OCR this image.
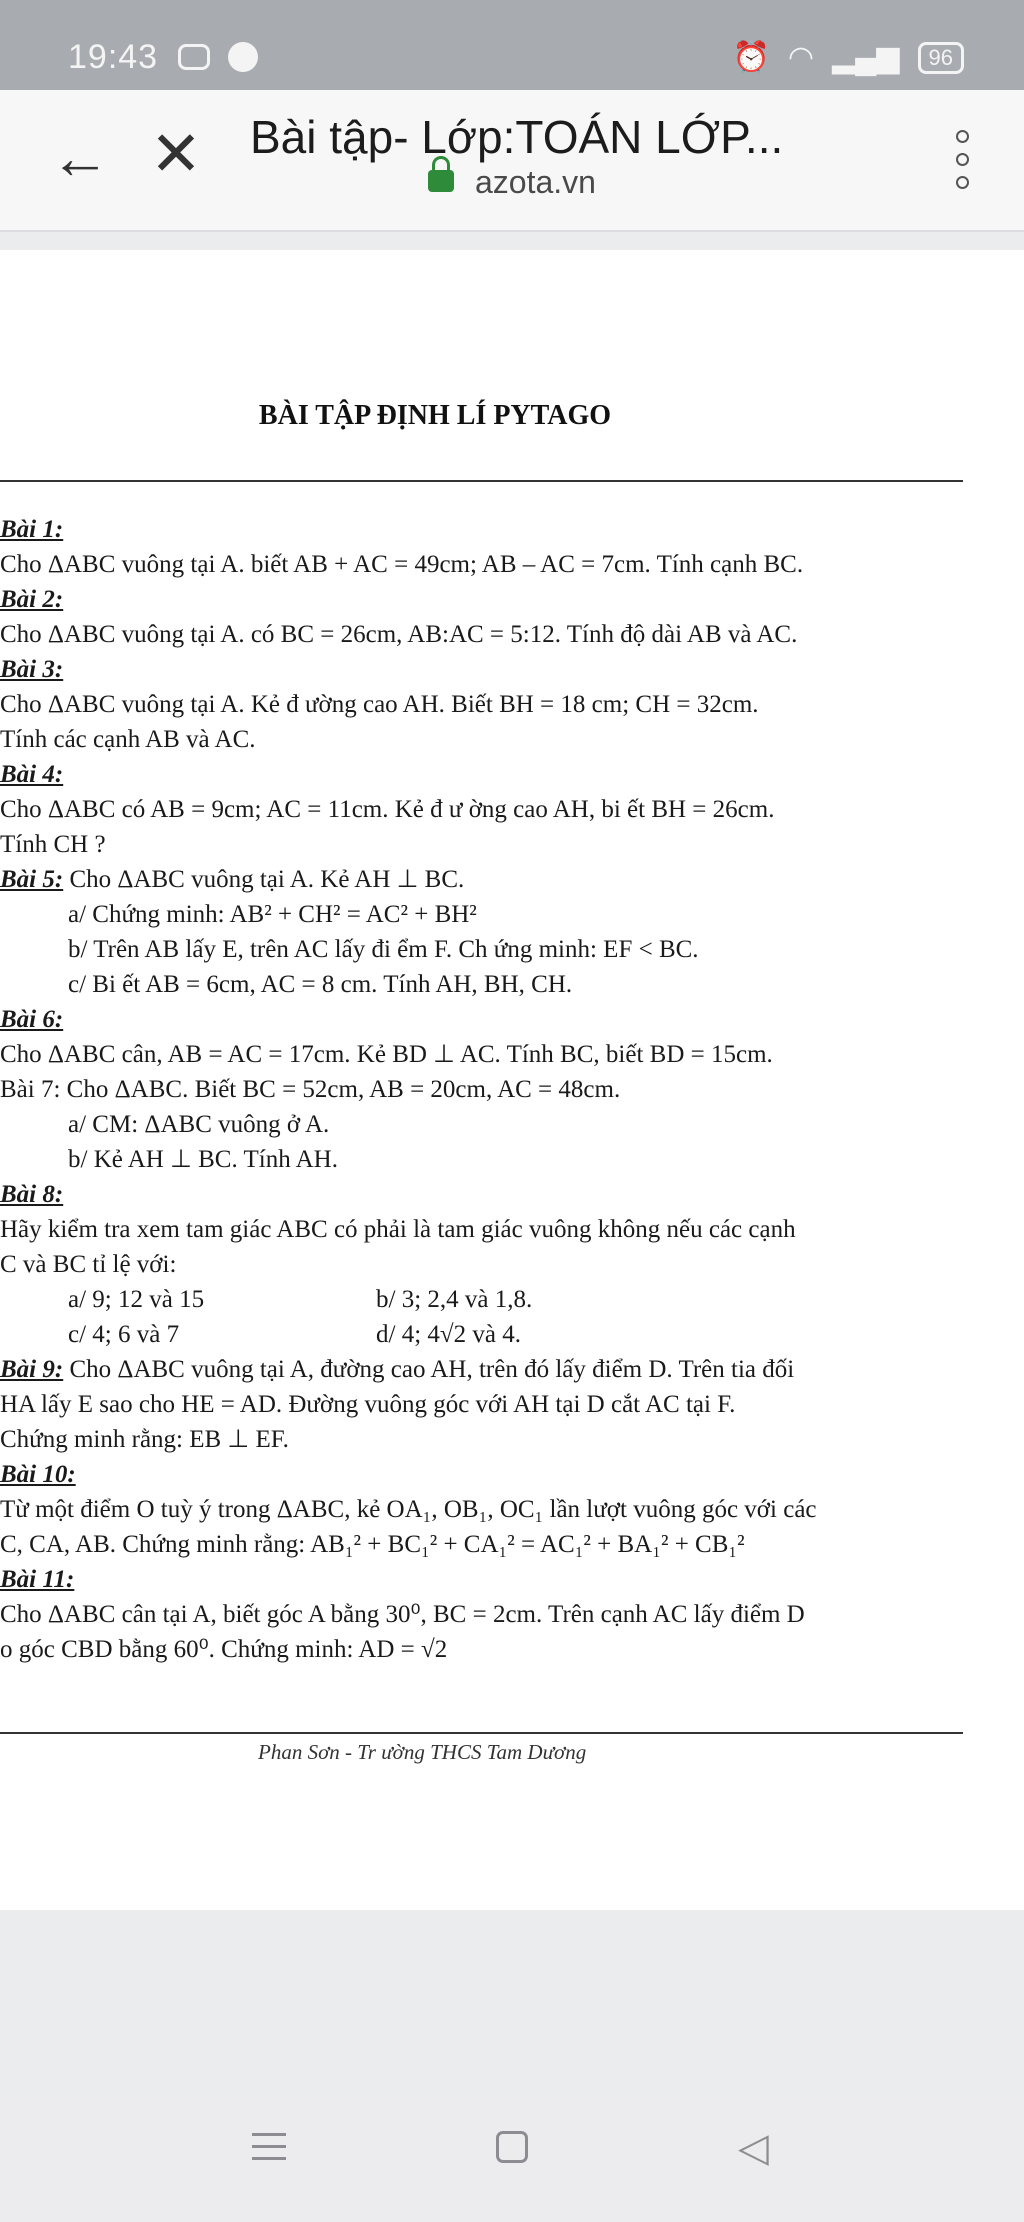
19:43	⏰ ◠ ▂▄▆	96
← ✕ Bài tập- Lớp:TOÁN LỚP...
azota.vn
BÀI TẬP ĐỊNH LÍ PYTAGO
Bài 1:
Cho ΔABC vuông tại A. biết AB + AC = 49cm; AB – AC = 7cm. Tính cạnh BC.
Bài 2:
Cho ΔABC vuông tại A. có BC = 26cm, AB:AC = 5:12. Tính độ dài AB và AC.
Bài 3:
Cho ΔABC vuông tại A. Kẻ đ ường cao AH. Biết BH = 18 cm; CH = 32cm.
Tính các cạnh AB và AC.
Bài 4:
Cho ΔABC có AB = 9cm; AC = 11cm. Kẻ đ ư ờng cao AH, bi ết BH = 26cm.
Tính CH ?
Bài 5: Cho ΔABC vuông tại A. Kẻ AH ⊥ BC.
a/ Chứng minh: AB² + CH² = AC² + BH²
b/ Trên AB lấy E, trên AC lấy đi ểm F. Ch ứng minh: EF < BC.
c/ Bi ết AB = 6cm, AC = 8 cm. Tính AH, BH, CH.
Bài 6:
Cho ΔABC cân, AB = AC = 17cm. Kẻ BD ⊥ AC. Tính BC, biết BD = 15cm.
Bài 7: Cho ΔABC. Biết BC = 52cm, AB = 20cm, AC = 48cm.
a/ CM: ΔABC vuông ở A.
b/ Kẻ AH ⊥ BC. Tính AH.
Bài 8:
Hãy kiểm tra xem tam giác ABC có phải là tam giác vuông không nếu các cạnh
C và BC tỉ lệ với:
a/ 9; 12 và 15	b/ 3; 2,4 và 1,8.
c/ 4; 6 và 7	d/ 4; 4√2 và 4.
Bài 9: Cho ΔABC vuông tại A, đường cao AH, trên đó lấy điểm D. Trên tia đối
HA lấy E sao cho HE = AD. Đường vuông góc với AH tại D cắt AC tại F.
Chứng minh rằng: EB ⊥ EF.
Bài 10:
Từ một điểm O tuỳ ý trong ΔABC, kẻ OA₁, OB₁, OC₁ lần lượt vuông góc với các
C, CA, AB. Chứng minh rằng: AB₁² + BC₁² + CA₁² = AC₁² + BA₁² + CB₁²
Bài 11:
Cho ΔABC cân tại A, biết góc A bằng 30⁰, BC = 2cm. Trên cạnh AC lấy điểm D
o góc CBD bằng 60⁰. Chứng minh: AD = √2
Phan Sơn - Tr ường THCS Tam Dương
◁
